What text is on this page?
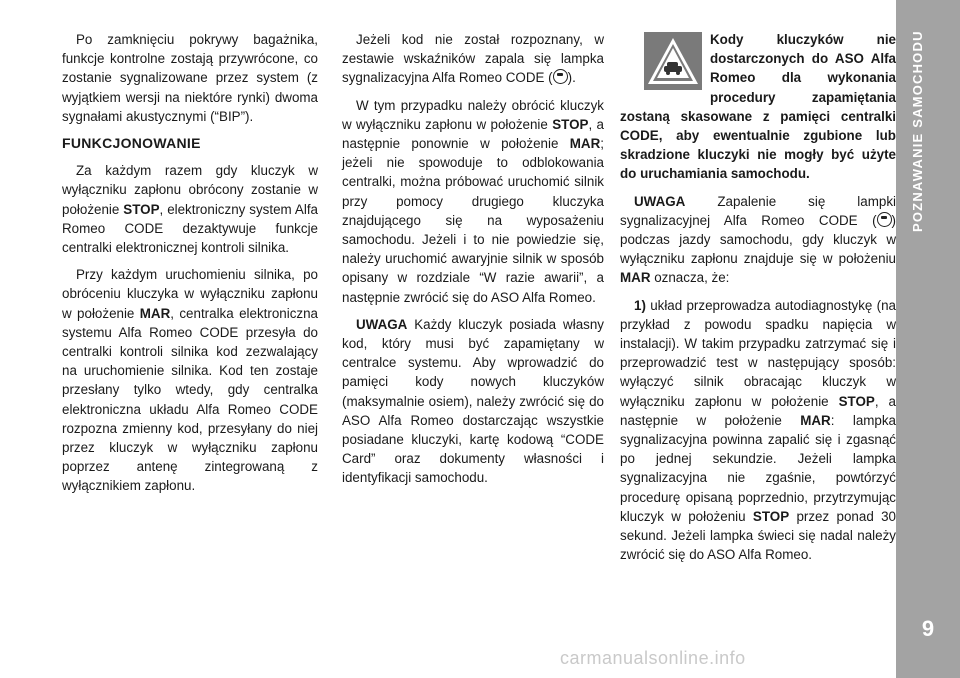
Po zamknięciu pokrywy bagażnika, funkcje kontrolne zostają przywrócone, co zostanie sygnalizowane przez system (z wyjątkiem wersji na niektóre rynki) dwoma sygnałami akustycznymi (“BIP”).

FUNKCJONOWANIE

Za każdym razem gdy kluczyk w wyłączniku zapłonu obrócony zostanie w położenie STOP, elektroniczny system Alfa Romeo CODE dezaktywuje funkcje centralki elektronicznej kontroli silnika.

Przy każdym uruchomieniu silnika, po obróceniu kluczyka w wyłączniku zapłonu w położenie MAR, centralka elektroniczna systemu Alfa Romeo CODE przesyła do centralki kontroli silnika kod zezwalający na uruchomienie silnika. Kod ten zostaje przesłany tylko wtedy, gdy centralka elektroniczna układu Alfa Romeo CODE rozpozna zmienny kod, przesyłany do niej przez kluczyk w wyłączniku zapłonu poprzez antenę zintegrowaną z wyłącznikiem zapłonu.

Jeżeli kod nie został rozpoznany, w zestawie wskaźników zapala się lampka sygnalizacyjna Alfa Romeo CODE ( ).

W tym przypadku należy obrócić kluczyk w wyłączniku zapłonu w położenie STOP, a następnie ponownie w położenie MAR; jeżeli nie spowoduje to odblokowania centralki, można próbować uruchomić silnik przy pomocy drugiego kluczyka znajdującego się na wyposażeniu samochodu. Jeżeli i to nie powiedzie się, należy uruchomić awaryjnie silnik w sposób opisany w rozdziale “W razie awarii”, a następnie zwrócić się do ASO Alfa Romeo.

UWAGA Każdy kluczyk posiada własny kod, który musi być zapamiętany w centralce systemu. Aby wprowadzić do pamięci kody nowych kluczyków (maksymalnie osiem), należy zwrócić się do ASO Alfa Romeo dostarczając wszystkie posiadane kluczyki, kartę kodową “CODE Card” oraz dokumenty własności i identyfikacji samochodu.

Kody kluczyków nie dostarczonych do ASO Alfa Romeo dla wykonania procedury zapamiętania zostaną skasowane z pamięci centralki CODE, aby ewentualnie zgubione lub skradzione kluczyki nie mogły być użyte do uruchamiania samochodu.

UWAGA Zapalenie się lampki sygnalizacyjnej Alfa Romeo CODE ( ) podczas jazdy samochodu, gdy kluczyk w wyłączniku zapłonu znajduje się w położeniu MAR oznacza, że:

1) układ przeprowadza autodiagnostykę (na przykład z powodu spadku napięcia w instalacji). W takim przypadku zatrzymać się i przeprowadzić test w następujący sposób: wyłączyć silnik obracając kluczyk w wyłączniku zapłonu w położenie STOP, a następnie w położenie MAR: lampka sygnalizacyjna powinna zapalić się i zgasnąć po jednej sekundzie. Jeżeli lampka sygnalizacyjna nie zgaśnie, powtórzyć procedurę opisaną poprzednio, przytrzymując kluczyk w położeniu STOP przez ponad 30 sekund. Jeżeli lampka świeci się nadal należy zwrócić się do ASO Alfa Romeo.

POZNAWANIE SAMOCHODU
9
carmanualsonline.info
